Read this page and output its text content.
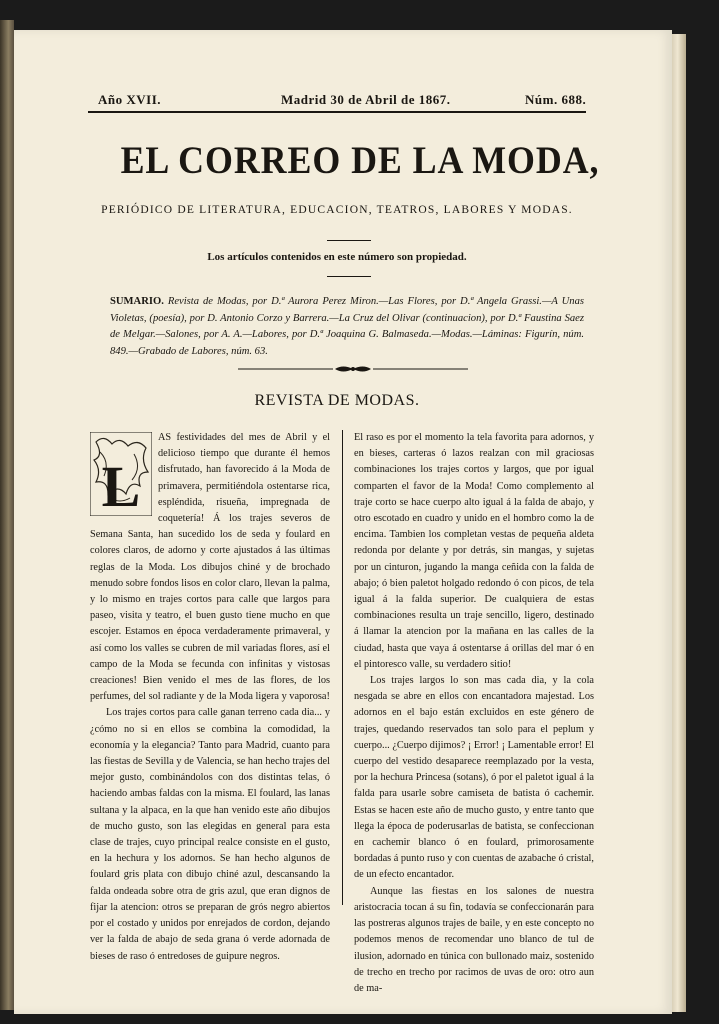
Año XVII.	Madrid 30 de Abril de 1867.	Núm. 688.
EL CORREO DE LA MODA,
PERIÓDICO DE LITERATURA, EDUCACION, TEATROS, LABORES Y MODAS.
Los artículos contenidos en este número son propiedad.
SUMARIO. Revista de Modas, por D.ª Aurora Perez Miron.—Las Flores, por D.ª Angela Grassi.—A Unas Violetas, (poesía), por D. Antonio Corzo y Barrera.—La Cruz del Olivar (continuacion), por D.ª Faustina Saez de Melgar.—Salones, por A. A.—Labores, por D.ª Joaquina G. Balmaseda.—Modas.—Láminas: Figurín, núm. 849.—Grabado de Labores, núm. 63.
REVISTA DE MODAS.
L

AS festividades del mes de Abril y el delicioso tiempo que durante él hemos disfrutado, han favorecido á la Moda de primavera, permitiéndola ostentarse rica, espléndida, risueña, impregnada de coquetería! Á los trajes severos de Semana Santa, han sucedido los de seda y foulard en colores claros, de adorno y corte ajustados á las últimas reglas de la Moda. Los dibujos chiné y de brochado menudo sobre fondos lisos en color claro, llevan la palma, y lo mismo en trajes cortos para calle que largos para paseo, visita y teatro, el buen gusto tiene mucho en que escojer. Estamos en época verdaderamente primaveral, y así como los valles se cubren de mil variadas flores, así el campo de la Moda se fecunda con infinitas y vistosas creaciones! Bien venido el mes de las flores, de los perfumes, del sol radiante y de la Moda ligera y vaporosa!

Los trajes cortos para calle ganan terreno cada dia... y ¿cómo no si en ellos se combina la comodidad, la economía y la elegancia? Tanto para Madrid, cuanto para las fiestas de Sevilla y de Valencia, se han hecho trajes del mejor gusto, combinándolos con dos distintas telas, ó haciendo ambas faldas con la misma. El foulard, las lanas sultana y la alpaca, en la que han venido este año dibujos de mucho gusto, son las elegidas en general para esta clase de trajes, cuyo principal realce consiste en el gusto, en la hechura y los adornos. Se han hecho algunos de foulard gris plata con dibujo chiné azul, descansando la falda ondeada sobre otra de gris azul, que eran dignos de fijar la atencion: otros se preparan de grós negro abiertos por el costado y unidos por enrejados de cordon, dejando ver la falda de abajo de seda grana ó verde adornada de bieses de raso ó entredoses de guipure negros.

El raso es por el momento la tela favorita para adornos, y en bieses, carteras ó lazos realzan con mil graciosas combinaciones los trajes cortos y largos, que por igual comparten el favor de la Moda! Como complemento al traje corto se hace cuerpo alto igual á la falda de abajo, y otro escotado en cuadro y unido en el hombro como la de encima. Tambien los completan vestas de pequeña aldeta redonda por delante y por detrás, sin mangas, y sujetas por un cinturon, jugando la manga ceñida con la falda de abajo; ó bien paletot holgado redondo ó con picos, de tela igual á la falda superior. De cualquiera de estas combinaciones resulta un traje sencillo, ligero, destinado á llamar la atencion por la mañana en las calles de la ciudad, hasta que vaya á ostentarse á orillas del mar ó en el pintoresco valle, su verdadero sitio!

Los trajes largos lo son mas cada dia, y la cola nesgada se abre en ellos con encantadora majestad. Los adornos en el bajo están excluidos en este género de trajes, quedando reservados tan solo para el peplum y cuerpo... ¿Cuerpo dijimos? ¡ Error! ¡ Lamentable error! El cuerpo del vestido desaparece reemplazado por la vesta, por la hechura Princesa (sotans), ó por el paletot igual á la falda para usarle sobre camiseta de batista ó cachemir. Estas se hacen este año de mucho gusto, y entre tanto que llega la época de poderusarlas de batista, se confeccionan en cachemir blanco ó en foulard, primorosamente bordadas á punto ruso y con cuentas de azabache ó cristal, de un efecto encantador.

Aunque las fiestas en los salones de nuestra aristocracia tocan á su fin, todavía se confeccionarán para las postreras algunos trajes de baile, y en este concepto no podemos menos de recomendar uno blanco de tul de ilusion, adornado en túnica con bullonado maiz, sostenido de trecho en trecho por racimos de uvas de oro: otro aun de ma-
